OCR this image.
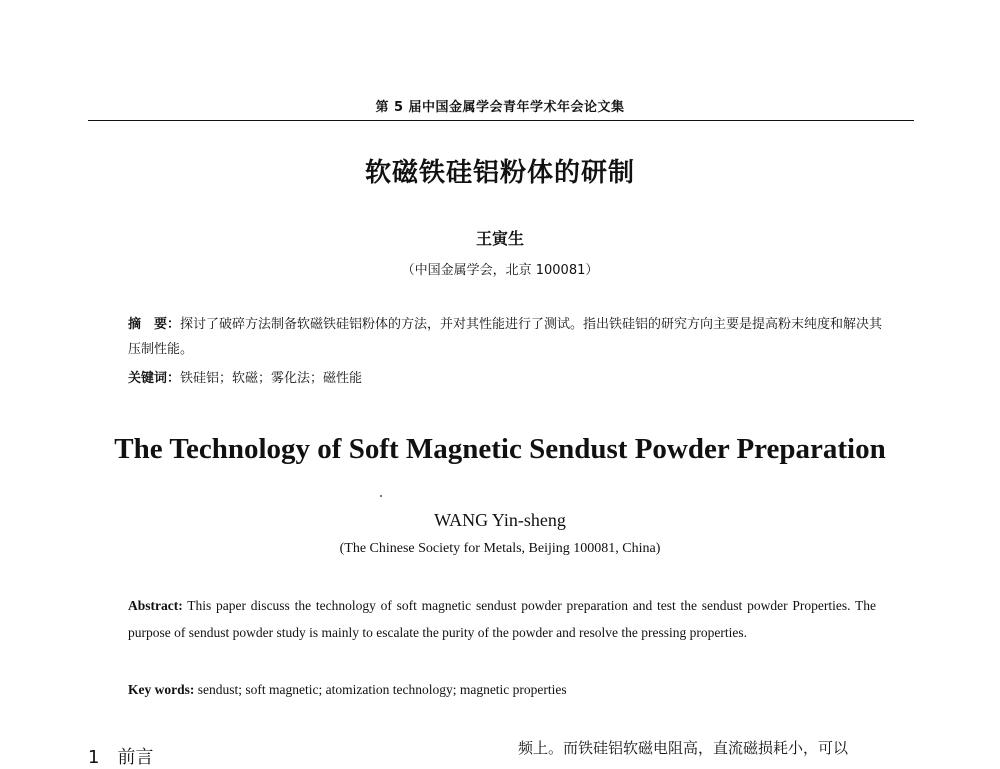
第 5 届中国金属学会青年学术年会论文集
软磁铁硅铝粉体的研制
王寅生
（中国金属学会，北京 100081）
摘　要：探讨了破碎方法制备软磁铁硅铝粉体的方法，并对其性能进行了测试。指出铁硅铝的研究方向主要是提高粉末纯度和解决其压制性能。
关键词：铁硅铝；软磁；雾化法；磁性能
The Technology of Soft Magnetic Sendust Powder Preparation
WANG Yin-sheng
(The Chinese Society for Metals, Beijing 100081, China)
Abstract: This paper discuss the technology of soft magnetic sendust powder preparation and test the sendust powder Properties. The purpose of sendust powder study is mainly to escalate the purity of the powder and resolve the pressing properties.
Key words: sendust; soft magnetic; atomization technology; magnetic properties
1　前言	频上。而铁硅铝软磁电阻高，直流磁损耗小，可以
